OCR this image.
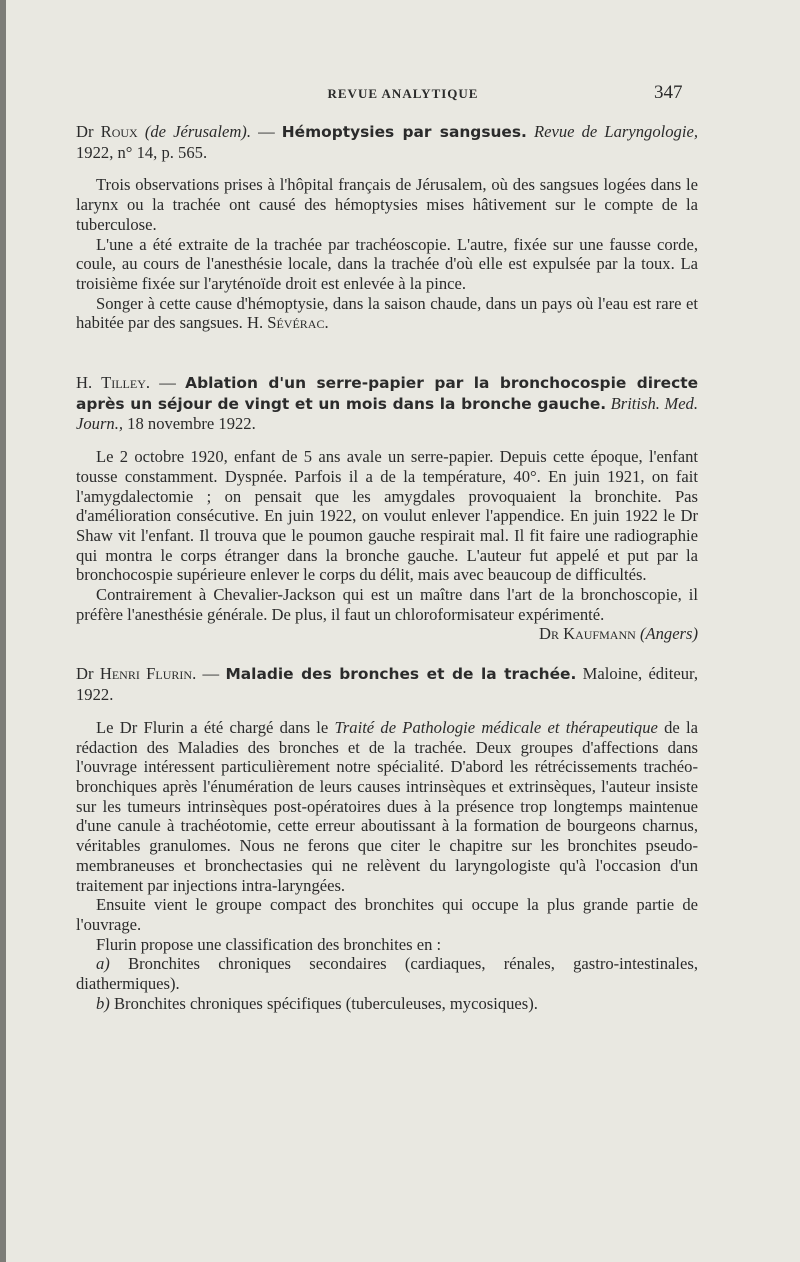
REVUE ANALYTIQUE	347

Dr Roux (de Jérusalem). — Hémoptysies par sangsues. Revue de Laryngologie, 1922, n° 14, p. 565.

Trois observations prises à l'hôpital français de Jérusalem, où des sangsues logées dans le larynx ou la trachée ont causé des hémoptysies mises hâtivement sur le compte de la tuberculose.

L'une a été extraite de la trachée par trachéoscopie. L'autre, fixée sur une fausse corde, coule, au cours de l'anesthésie locale, dans la trachée d'où elle est expulsée par la toux. La troisième fixée sur l'aryténoïde droit est enlevée à la pince.

Songer à cette cause d'hémoptysie, dans la saison chaude, dans un pays où l'eau est rare et habitée par des sangsues. H. Sévérac.

H. Tilley. — Ablation d'un serre-papier par la bronchocospie directe après un séjour de vingt et un mois dans la bronche gauche. British. Med. Journ., 18 novembre 1922.

Le 2 octobre 1920, enfant de 5 ans avale un serre-papier. Depuis cette époque, l'enfant tousse constamment. Dyspnée. Parfois il a de la température, 40°. En juin 1921, on fait l'amygdalectomie ; on pensait que les amygdales provoquaient la bronchite. Pas d'amélioration consécutive. En juin 1922, on voulut enlever l'appendice. En juin 1922 le Dr Shaw vit l'enfant. Il trouva que le poumon gauche respirait mal. Il fit faire une radiographie qui montra le corps étranger dans la bronche gauche. L'auteur fut appelé et put par la bronchocospie supérieure enlever le corps du délit, mais avec beaucoup de difficultés.

Contrairement à Chevalier-Jackson qui est un maître dans l'art de la bronchoscopie, il préfère l'anesthésie générale. De plus, il faut un chloroformisateur expérimenté.
Dr Kaufmann (Angers)

Dr Henri Flurin. — Maladie des bronches et de la trachée. Maloine, éditeur, 1922.

Le Dr Flurin a été chargé dans le Traité de Pathologie médicale et thérapeutique de la rédaction des Maladies des bronches et de la trachée. Deux groupes d'affections dans l'ouvrage intéressent particulièrement notre spécialité. D'abord les rétrécissements trachéo-bronchiques après l'énumération de leurs causes intrinsèques et extrinsèques, l'auteur insiste sur les tumeurs intrinsèques post-opératoires dues à la présence trop longtemps maintenue d'une canule à trachéotomie, cette erreur aboutissant à la formation de bourgeons charnus, véritables granulomes. Nous ne ferons que citer le chapitre sur les bronchites pseudo-membraneuses et bronchectasies qui ne relèvent du laryngologiste qu'à l'occasion d'un traitement par injections intra-laryngées.

Ensuite vient le groupe compact des bronchites qui occupe la plus grande partie de l'ouvrage.

Flurin propose une classification des bronchites en :

a) Bronchites chroniques secondaires (cardiaques, rénales, gastro-intestinales, diathermiques).

b) Bronchites chroniques spécifiques (tuberculeuses, mycosiques).
